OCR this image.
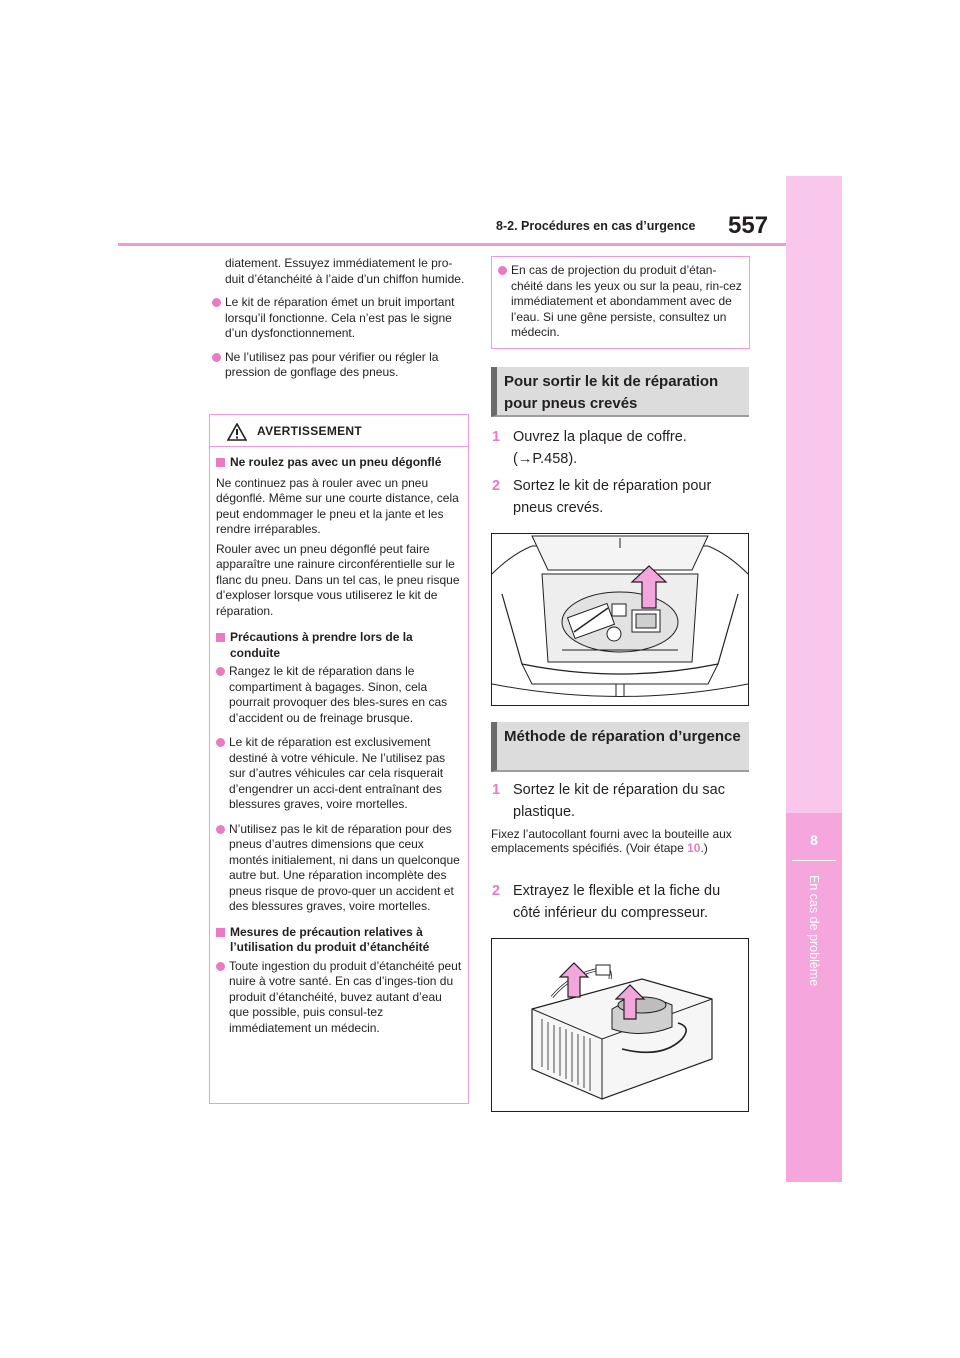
8-2. Procédures en cas d’urgence 557
8
En cas de problème
diatement. Essuyez immédiatement le pro-duit d’étanchéité à l’aide d’un chiffon humide.
Le kit de réparation émet un bruit important lorsqu’il fonctionne. Cela n’est pas le signe d’un dysfonctionnement.
Ne l’utilisez pas pour vérifier ou régler la pression de gonflage des pneus.
AVERTISSEMENT
Ne roulez pas avec un pneu dégonflé
Ne continuez pas à rouler avec un pneu dégonflé. Même sur une courte distance, cela peut endommager le pneu et la jante et les rendre irréparables.
Rouler avec un pneu dégonflé peut faire apparaître une rainure circonférentielle sur le flanc du pneu. Dans un tel cas, le pneu risque d’exploser lorsque vous utiliserez le kit de réparation.
Précautions à prendre lors de la conduite
Rangez le kit de réparation dans le compartiment à bagages. Sinon, cela pourrait provoquer des bles-sures en cas d’accident ou de freinage brusque.
Le kit de réparation est exclusivement destiné à votre véhicule. Ne l’utilisez pas sur d’autres véhicules car cela risquerait d’engendrer un acci-dent entraînant des blessures graves, voire mortelles.
N’utilisez pas le kit de réparation pour des pneus d’autres dimensions que ceux montés initialement, ni dans un quelconque autre but. Une réparation incomplète des pneus risque de provo-quer un accident et des blessures graves, voire mortelles.
Mesures de précaution relatives à l’utilisation du produit d’étanchéité
Toute ingestion du produit d’étanchéité peut nuire à votre santé. En cas d’inges-tion du produit d’étanchéité, buvez autant d’eau que possible, puis consul-tez immédiatement un médecin.
En cas de projection du produit d’étan-chéité dans les yeux ou sur la peau, rin-cez immédiatement et abondamment avec de l’eau. Si une gêne persiste, consultez un médecin.
Pour sortir le kit de réparation pour pneus crevés
1 Ouvrez la plaque de coffre.
(→P.458).
2 Sortez le kit de réparation pour pneus crevés.
Méthode de réparation d’urgence
1 Sortez le kit de réparation du sac plastique.
Fixez l’autocollant fourni avec la bouteille aux emplacements spécifiés. (Voir étape 10.)
2 Extrayez le flexible et la fiche du côté inférieur du compresseur.
